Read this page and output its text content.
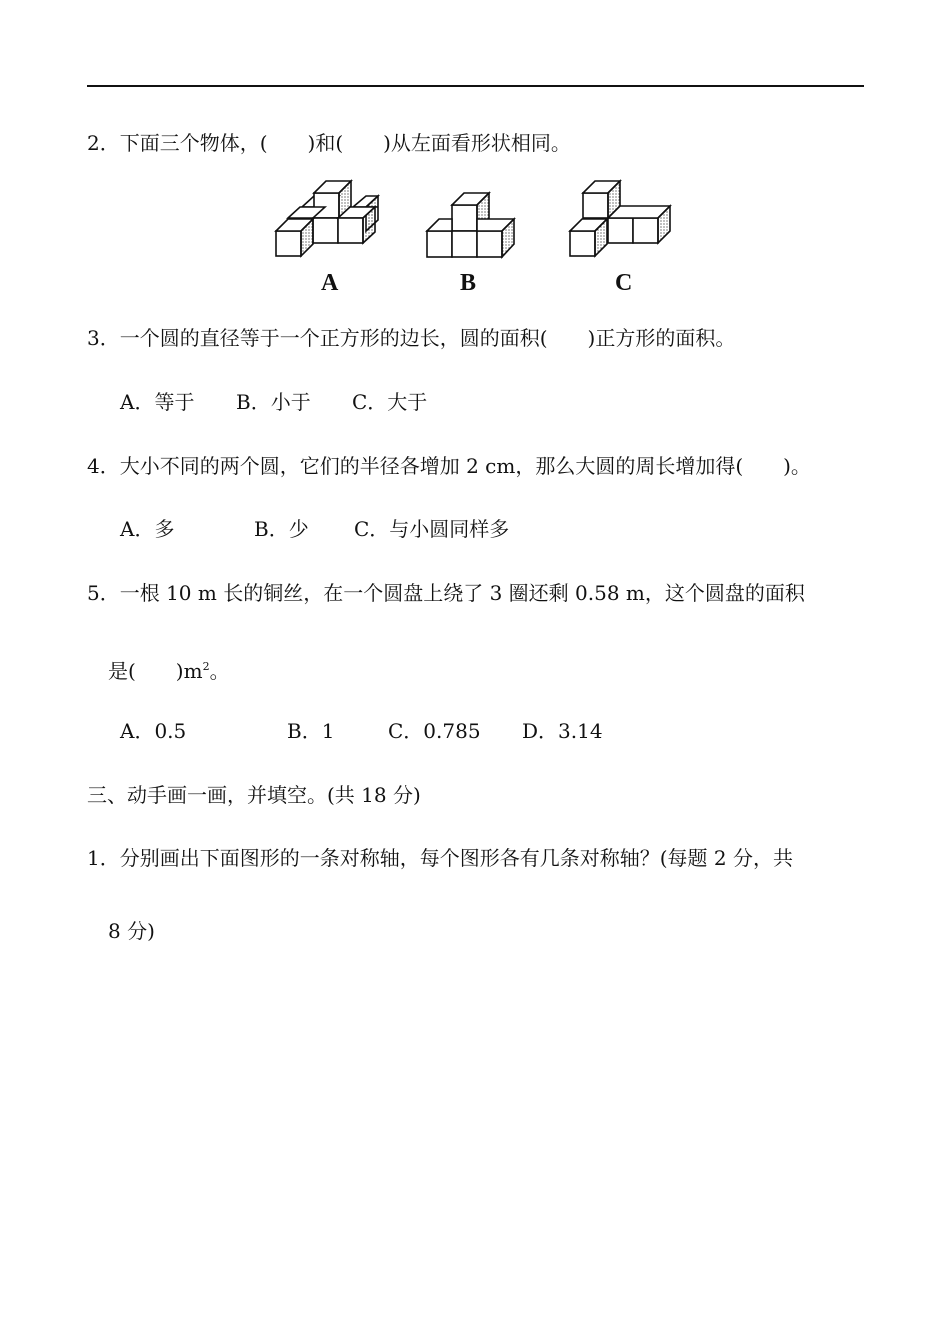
2．下面三个物体，(　　)和(　　)从左面看形状相同。
A	B	C
3．一个圆的直径等于一个正方形的边长，圆的面积(　　)正方形的面积。
A．等于 B．小于 C．大于
4．大小不同的两个圆，它们的半径各增加 2 cm，那么大圆的周长增加得(　　)。
A．多	B．少 C．与小圆同样多
5．一根 10 m 长的铜丝，在一个圆盘上绕了 3 圈还剩 0.58 m，这个圆盘的面积
是(　　)$m^2$。
A．0.5	B．1	C．0.785 D．3.14
三、动手画一画，并填空。(共 18 分)
1．分别画出下面图形的一条对称轴，每个图形各有几条对称轴？(每题 2 分，共
8 分)
